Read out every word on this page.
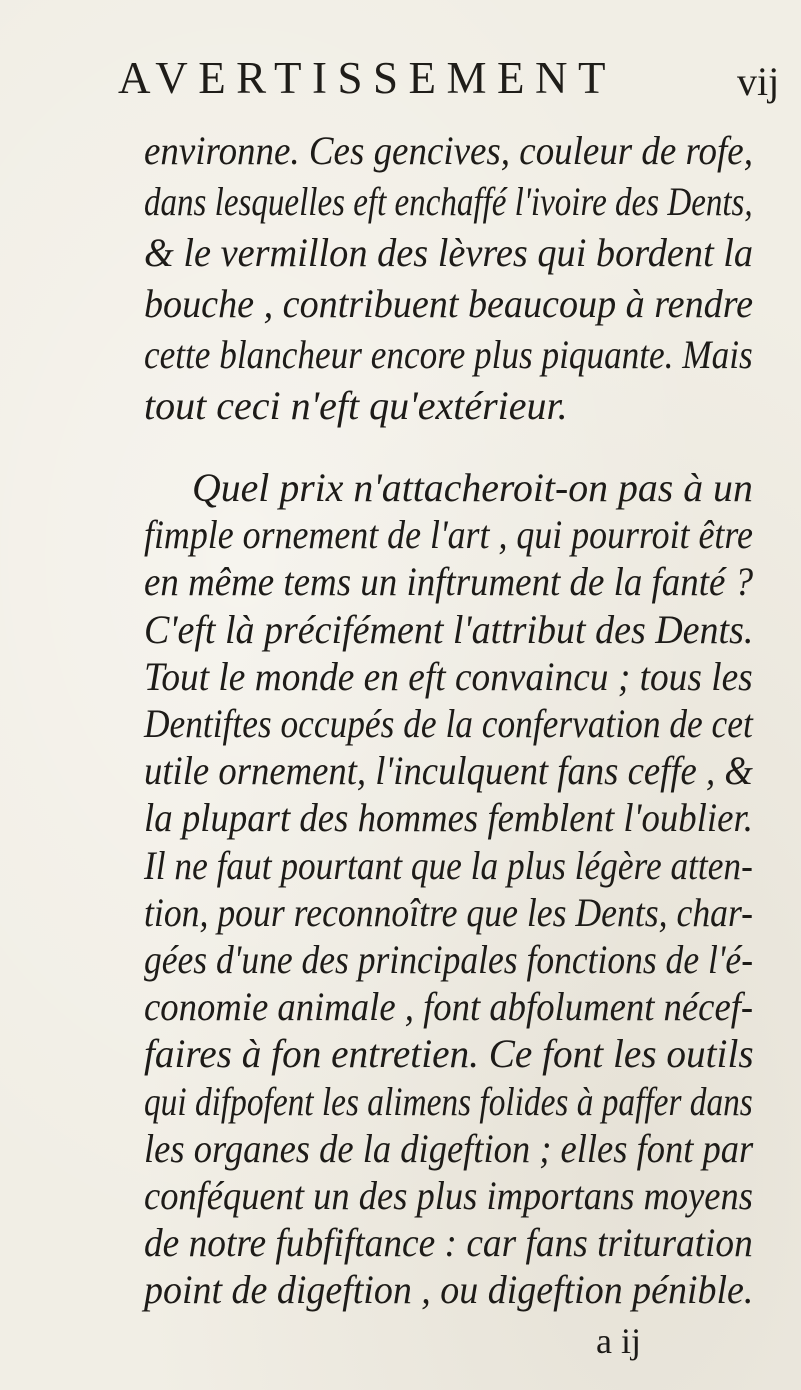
AVERTISSEMENT	vij
environne. Ces gencives, couleur de rofe,
dans lesquelles eft enchaffé l'ivoire des Dents,
& le vermillon des lèvres qui bordent la
bouche , contribuent beaucoup à rendre
cette blancheur encore plus piquante. Mais
tout ceci n'eft qu'extérieur.
Quel prix n'attacheroit-on pas à un
fimple ornement de l'art , qui pourroit être
en même tems un inftrument de la fanté ?
C'eft là précifément l'attribut des Dents.
Tout le monde en eft convaincu ; tous les
Dentiftes occupés de la confervation de cet
utile ornement, l'inculquent fans ceffe , &
la plupart des hommes femblent l'oublier.
Il ne faut pourtant que la plus légère atten-
tion, pour reconnoître que les Dents, char-
gées d'une des principales fonctions de l'é-
conomie animale , font abfolument nécef-
faires à fon entretien. Ce font les outils
qui difpofent les alimens folides à paffer dans
les organes de la digeftion ; elles font par
conféquent un des plus importans moyens
de notre fubfiftance : car fans trituration
point de digeftion , ou digeftion pénible.
a ij
